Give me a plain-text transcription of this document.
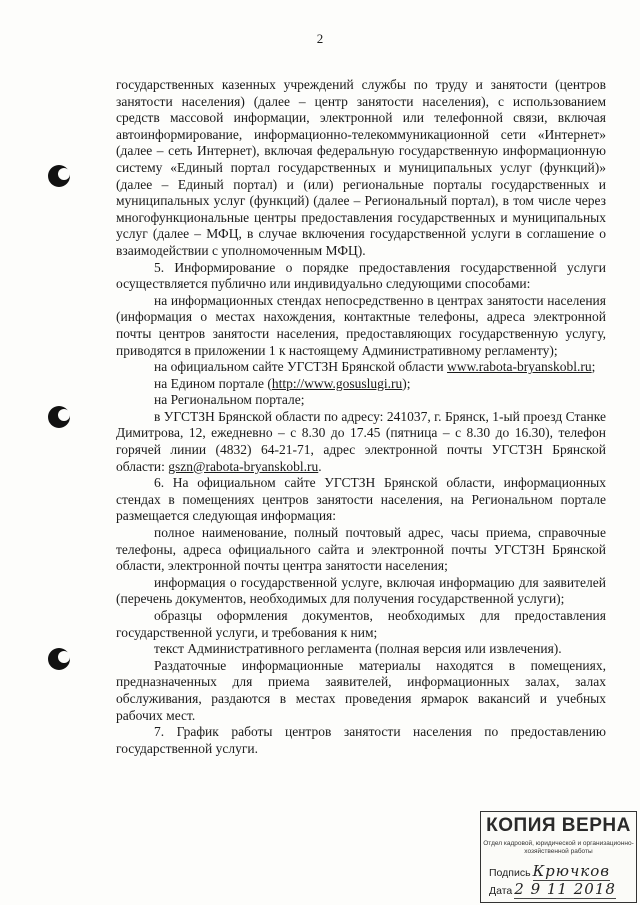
2

государственных казенных учреждений службы по труду и занятости (центров занятости населения) (далее – центр занятости населения), с использованием средств массовой информации, электронной или телефонной связи, включая автоинформирование, информационно-телекоммуникационной сети «Интернет» (далее – сеть Интернет), включая федеральную государственную информационную систему «Единый портал государственных и муниципальных услуг (функций)» (далее – Единый портал) и (или) региональные порталы государственных и муниципальных услуг (функций) (далее – Региональный портал), в том числе через многофункциональные центры предоставления государственных и муниципальных услуг (далее – МФЦ, в случае включения государственной услуги в соглашение о взаимодействии с уполномоченным МФЦ).

5. Информирование о порядке предоставления государственной услуги осуществляется публично или индивидуально следующими способами:

на информационных стендах непосредственно в центрах занятости населения (информация о местах нахождения, контактные телефоны, адреса электронной почты центров занятости населения, предоставляющих государственную услугу, приводятся в приложении 1 к настоящему Административному регламенту);

на официальном сайте УГСТЗН Брянской области www.rabota-bryanskobl.ru;

на Едином портале (http://www.gosuslugi.ru);

на Региональном портале;

в УГСТЗН Брянской области по адресу: 241037, г. Брянск, 1-ый проезд Станке Димитрова, 12, ежедневно – с 8.30 до 17.45 (пятница – с 8.30 до 16.30), телефон горячей линии (4832) 64-21-71, адрес электронной почты УГСТЗН Брянской области: gszn@rabota-bryanskobl.ru.

6. На официальном сайте УГСТЗН Брянской области, информационных стендах в помещениях центров занятости населения, на Региональном портале размещается следующая информация:

полное наименование, полный почтовый адрес, часы приема, справочные телефоны, адреса официального сайта и электронной почты УГСТЗН Брянской области, электронной почты центра занятости населения;

информация о государственной услуге, включая информацию для заявителей (перечень документов, необходимых для получения государственной услуги);

образцы оформления документов, необходимых для предоставления государственной услуги, и требования к ним;

текст Административного регламента (полная версия или извлечения).

Раздаточные информационные материалы находятся в помещениях, предназначенных для приема заявителей, информационных залах, залах обслуживания, раздаются в местах проведения ярмарок вакансий и учебных рабочих мест.

7. График работы центров занятости населения по предоставлению государственной услуги.

КОПИЯ ВЕРНА
Отдел кадровой, юридической и организационно-хозяйственной работы
Подпись Крючков
Дата 2 9 11 2018
